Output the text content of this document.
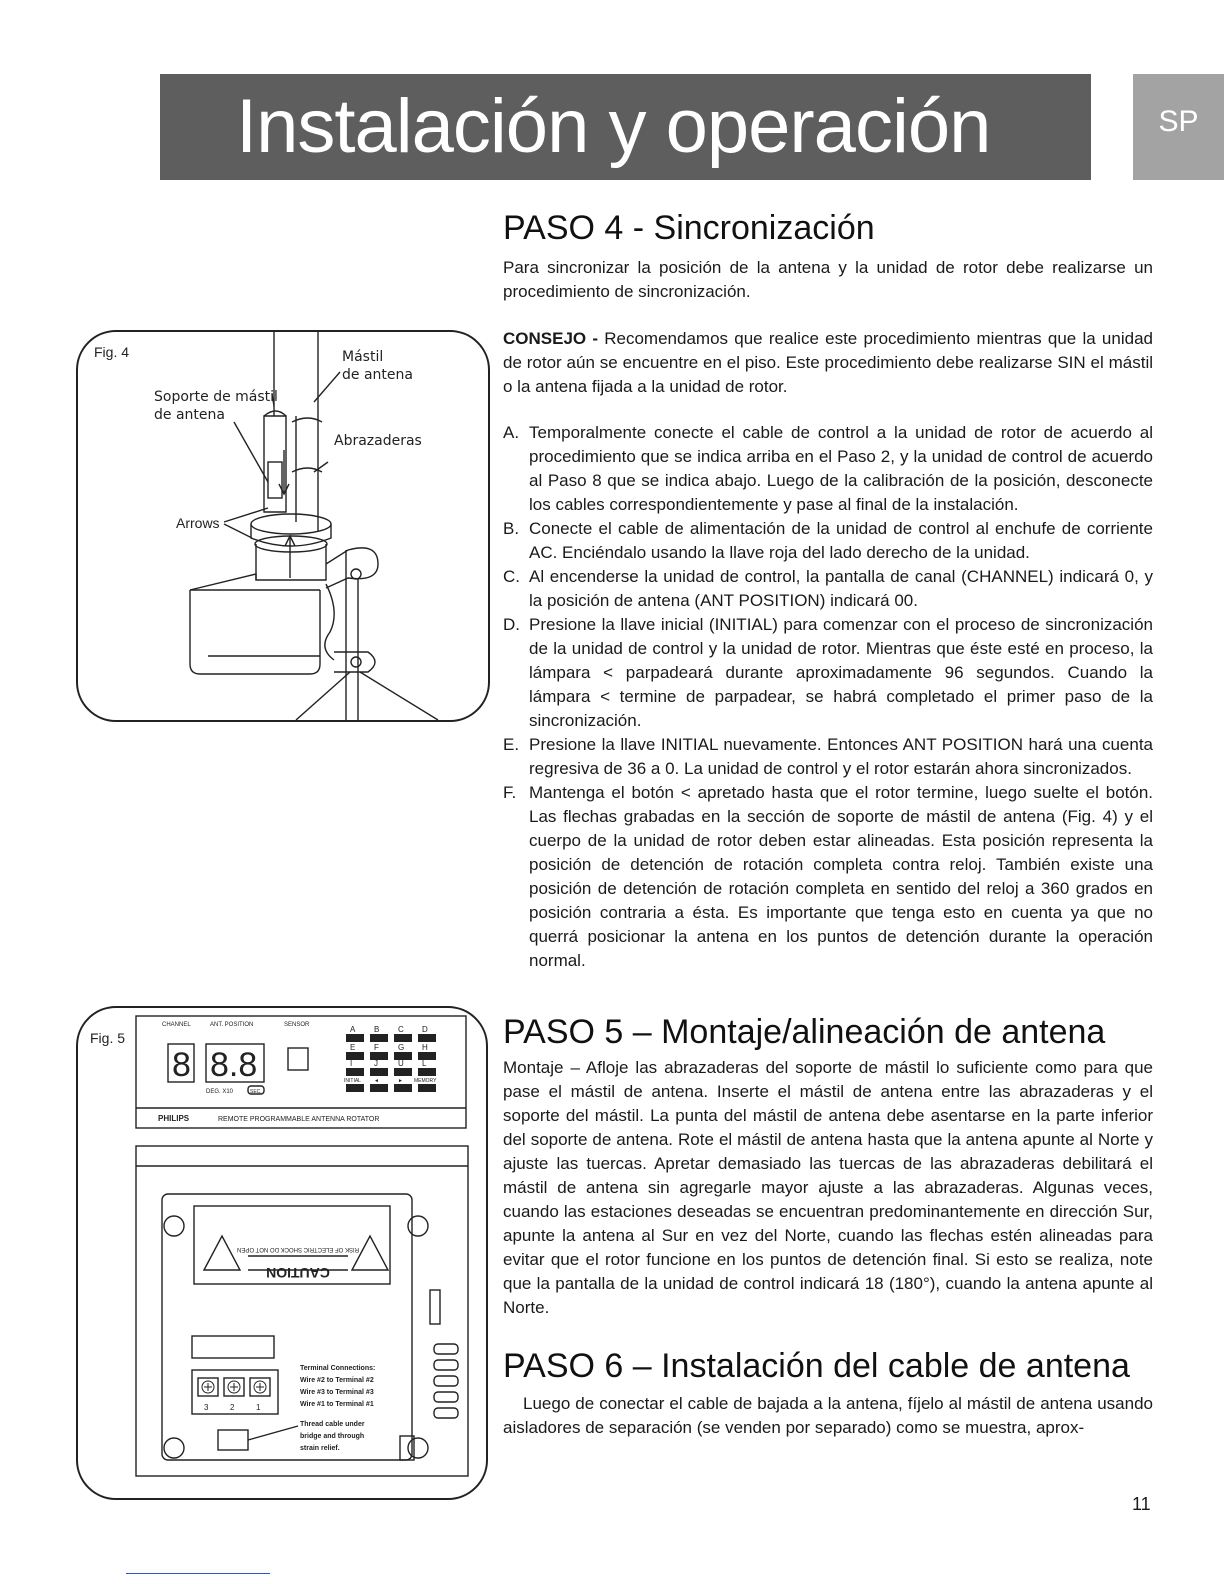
Instalación y operación	SP
PASO 4 - Sincronización

Para sincronizar la posición de la antena y la unidad de rotor debe realizarse un procedimiento de sincronización.

CONSEJO - Recomendamos que realice este procedimiento mientras que la unidad de rotor aún se encuentre en el piso. Este procedimiento debe realizarse SIN el mástil o la antena fijada a la unidad de rotor.

A. Temporalmente conecte el cable de control a la unidad de rotor de acuerdo al procedimiento que se indica arriba en el Paso 2, y la unidad de control de acuerdo al Paso 8 que se indica abajo. Luego de la calibración de la posición, desconecte los cables correspondientemente y pase al final de la instalación.
B. Conecte el cable de alimentación de la unidad de control al enchufe de corriente AC. Enciéndalo usando la llave roja del lado derecho de la unidad.
C. Al encenderse la unidad de control, la pantalla de canal (CHANNEL) indicará 0, y la posición de antena (ANT POSITION) indicará 00.
D. Presione la llave inicial (INITIAL) para comenzar con el proceso de sincronización de la unidad de control y la unidad de rotor. Mientras que éste esté en proceso, la lámpara < parpadeará durante aproximadamente 96 segundos. Cuando la lámpara < termine de parpadear, se habrá completado el primer paso de la sincronización.
E. Presione la llave INITIAL nuevamente. Entonces ANT POSITION hará una cuenta regresiva de 36 a 0. La unidad de control y el rotor estarán ahora sincronizados.
F. Mantenga el botón < apretado hasta que el rotor termine, luego suelte el botón. Las flechas grabadas en la sección de soporte de mástil de antena (Fig. 4) y el cuerpo de la unidad de rotor deben estar alineadas. Esta posición representa la posición de detención de rotación completa contra reloj. También existe una posición de detención de rotación completa en sentido del reloj a 360 grados en posición contraria a ésta. Es importante que tenga esto en cuenta ya que no querrá posicionar la antena en los puntos de detención durante la operación normal.
PASO 5 – Montaje/alineación de antena

Montaje – Afloje las abrazaderas del soporte de mástil lo suficiente como para que pase el mástil de antena. Inserte el mástil de antena entre las abrazaderas y el soporte del mástil. La punta del mástil de antena debe asentarse en la parte inferior del soporte de antena. Rote el mástil de antena hasta que la antena apunte al Norte y ajuste las tuercas. Apretar demasiado las tuercas de las abrazaderas debilitará el mástil de antena sin agregarle mayor ajuste a las abrazaderas. Algunas veces, cuando las estaciones deseadas se encuentran predominantemente en dirección Sur, apunte la antena al Sur en vez del Norte, cuando las flechas estén alineadas para evitar que el rotor funcione en los puntos de detención final. Si esto se realiza, note que la pantalla de la unidad de control indicará 18 (180°), cuando la antena apunte al Norte.

PASO 6 – Instalación del cable de antena

Luego de conectar el cable de bajada a la antena, fíjelo al mástil de antena usando aisladores de separación (se venden por separado) como se muestra, aprox-

Fig. 4	Mástil
de antena
Soporte de mástil
de antena
Abrazaderas
Arrows
Fig. 5
CHANNEL	ANT. POSITION	SENSOR
8 8.8
DEG. X10	SEC.
PHILIPS	REMOTE PROGRAMMABLE ANTENNA ROTATOR
A B C D
E F G H
I	J	U L
INITIAL	◄	► MEMORY
CAUTION
RISK OF ELECTRIC SHOCK DO NOT OPEN
Terminal Connections:
Wire #2 to Terminal #2
Wire #3 to Terminal #3
Wire #1 to Terminal #1
Thread cable under
bridge and through
strain relief.
3	2	1
11
